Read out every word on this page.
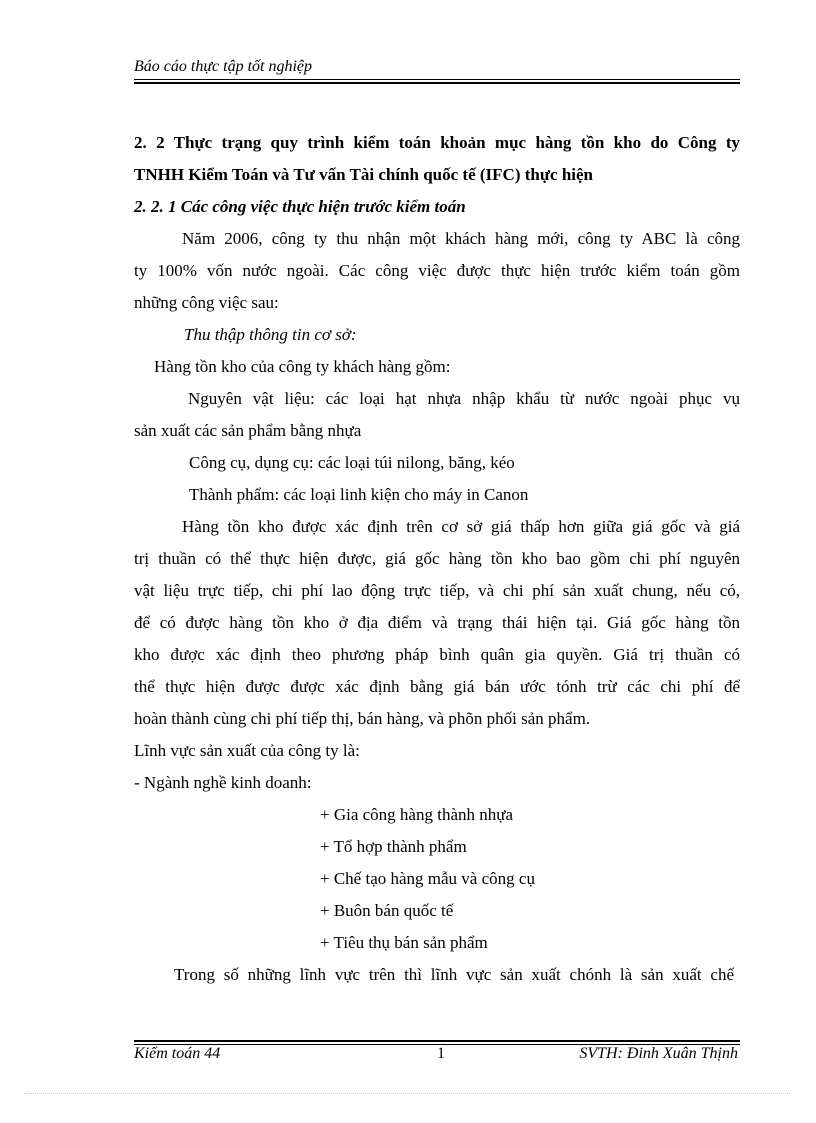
Báo cáo thực tập tốt nghiệp
2. 2 Thực trạng quy trình kiểm toán khoản mục hàng tồn kho do Công ty
TNHH Kiểm Toán và Tư vấn Tài chính quốc tế (IFC) thực hiện
2. 2. 1 Các công việc thực hiện trước kiểm toán
Năm 2006, công ty thu nhận một khách hàng mới, công ty ABC là công
ty 100% vốn nước ngoài. Các công việc được thực hiện trước kiểm toán gồm
những công việc sau:
Thu thập thông tin cơ sở:
Hàng tồn kho của công ty khách hàng gồm:
Nguyên vật liệu: các loại hạt nhựa nhập khẩu từ nước ngoài phục vụ
sản xuất các sản phẩm bằng nhựa
Công cụ, dụng cụ: các loại túi nilong, băng, kéo
Thành phẩm: các loại linh kiện cho máy in Canon
Hàng tồn kho được xác định trên cơ sở giá thấp hơn giữa giá gốc và giá
trị thuần có thể thực hiện được, giá gốc hàng tồn kho bao gồm chi phí nguyên
vật liệu trực tiếp, chi phí lao động trực tiếp, và chi phí sản xuất chung, nếu có,
để có được hàng tồn kho ở địa điểm và trạng thái hiện tại. Giá gốc hàng tồn
kho được xác định theo phương pháp bình quân gia quyền. Giá trị thuần có
thể thực hiện được được xác định bằng giá bán ước tónh trừ các chi phí để
hoàn thành cùng chi phí tiếp thị, bán hàng, và phõn phối sản phẩm.
Lĩnh vực sản xuất của công ty là:
- Ngành nghề kinh doanh:
+ Gia công hàng thành nhựa
+ Tổ hợp thành phẩm
+ Chế tạo hàng mẫu và công cụ
+ Buôn bán quốc tế
+ Tiêu thụ bán sản phẩm
Trong số những lĩnh vực trên thì lĩnh vực sản xuất chónh là sản xuất chế
Kiểm toán 44	1	SVTH: Đinh Xuân Thịnh
